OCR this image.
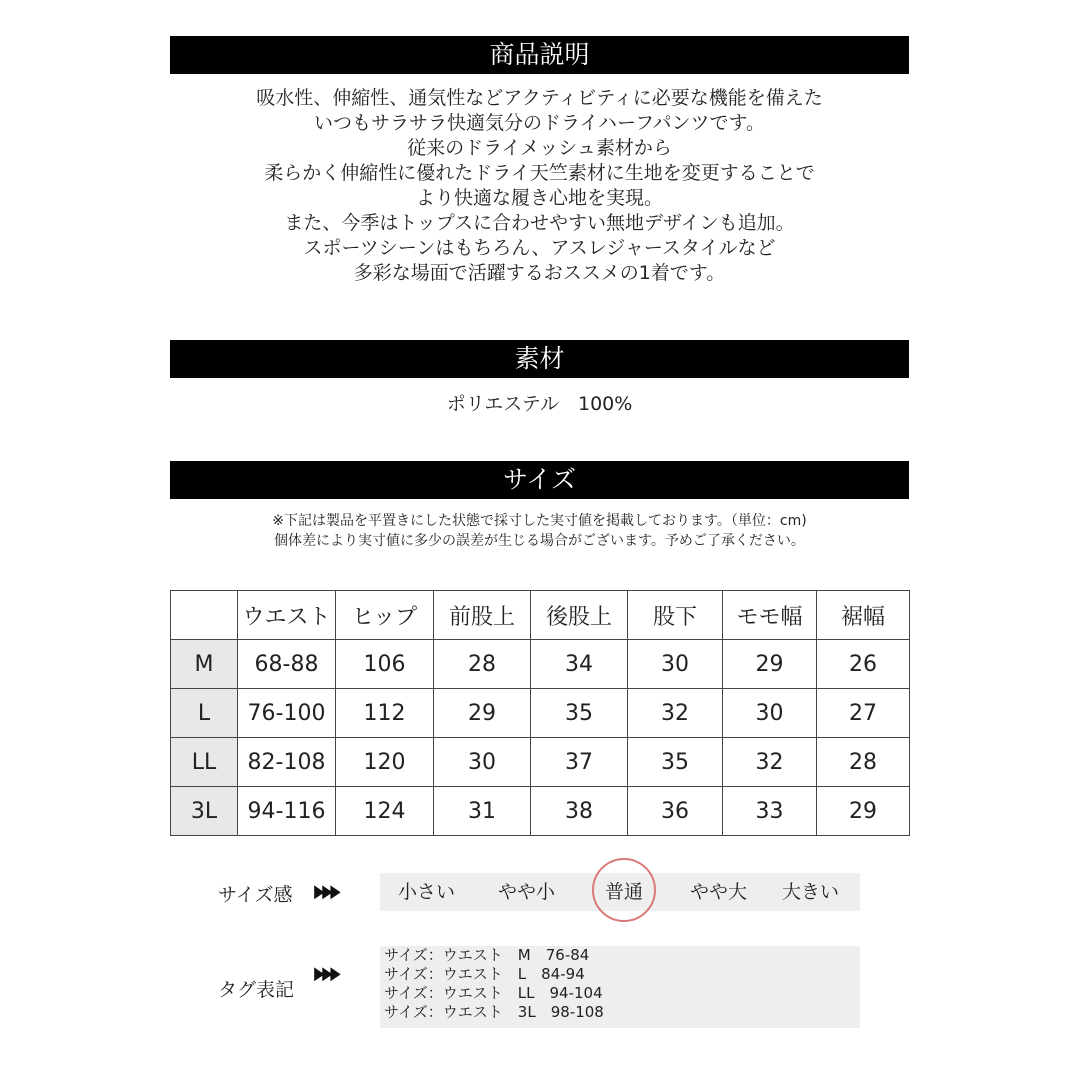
商品説明
吸水性、伸縮性、通気性などアクティビティに必要な機能を備えた
いつもサラサラ快適気分のドライハーフパンツです。
従来のドライメッシュ素材から
柔らかく伸縮性に優れたドライ天竺素材に生地を変更することで
より快適な履き心地を実現。
また、今季はトップスに合わせやすい無地デザインも追加。
スポーツシーンはもちろん、アスレジャースタイルなど
多彩な場面で活躍するおススメの1着です。
素材
ポリエステル　100%
サイズ
※下記は製品を平置きにした状態で採寸した実寸値を掲載しております。（単位：cm)
個体差により実寸値に多少の誤差が生じる場合がございます。予めご了承ください。
	ウエスト	ヒップ	前股上	後股上	股下	モモ幅	裾幅
M	68-88	106	28	34	30	29	26
L	76-100	112	29	35	32	30	27
LL	82-108	120	30	37	35	32	28
3L	94-116	124	31	38	36	33	29
サイズ感 ▶▶▶	小さい やや小	普通 やや大 大きい
タグ表記
▶▶▶
サイズ：ウエスト　M　76-84
サイズ：ウエスト　L　84-94
サイズ：ウエスト　LL　94-104
サイズ：ウエスト　3L　98-108
